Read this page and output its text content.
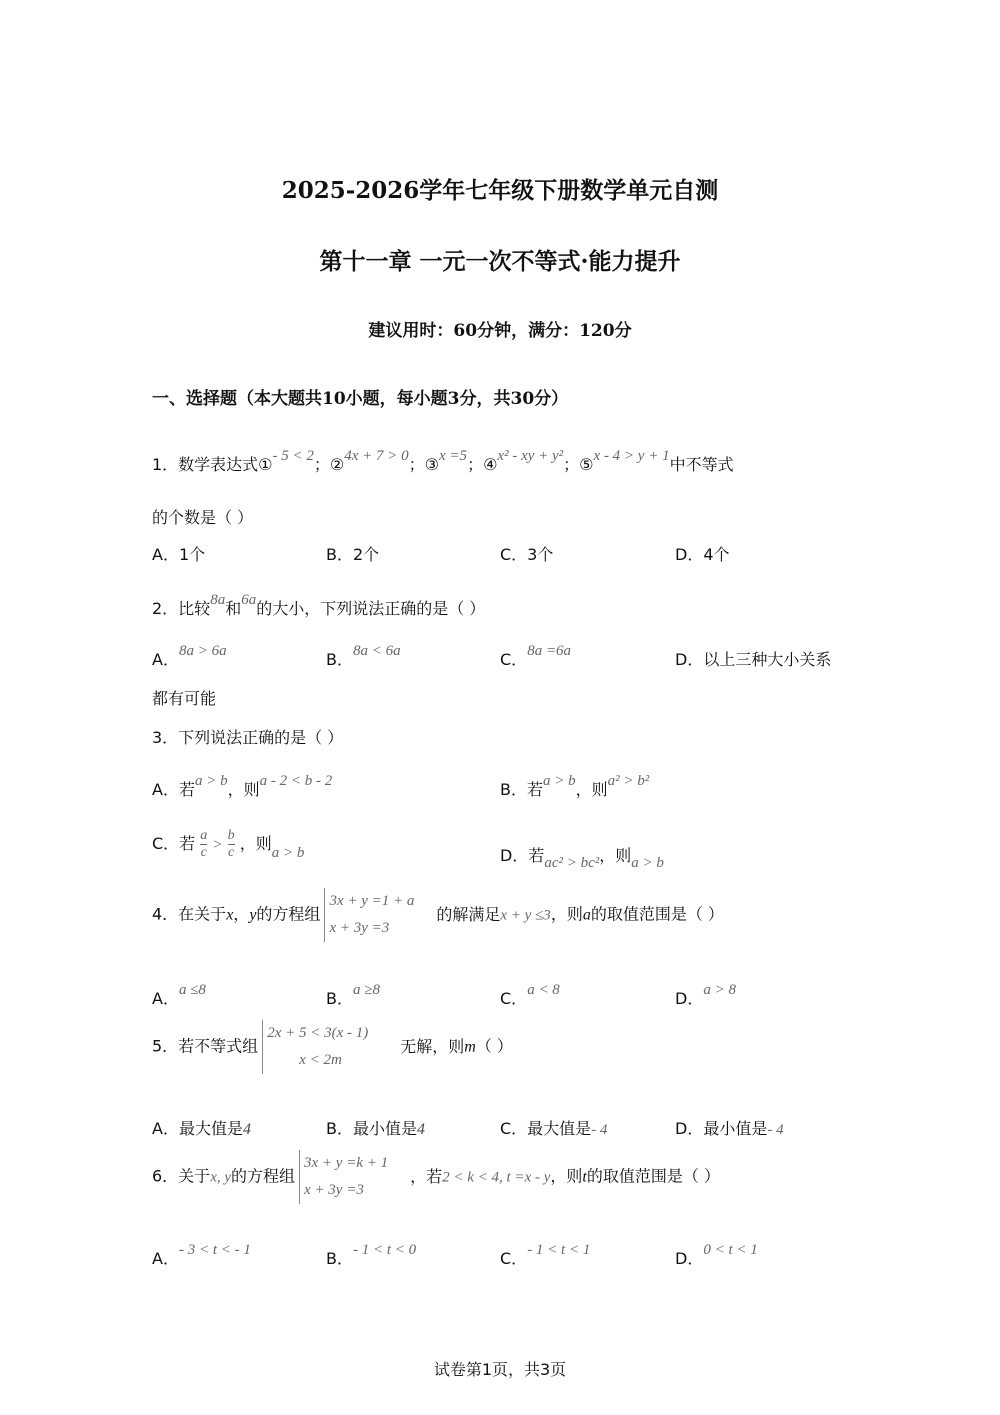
2025-2026学年七年级下册数学单元自测
第十一章 一元一次不等式·能力提升
建议用时：60分钟，满分：120分
一、选择题（本大题共10小题，每小题3分，共30分）
1．数学表达式①- 5 < 2；②4x + 7 > 0；③x =5；④x² - xy + y²；⑤x - 4 > y + 1中不等式
的个数是（ ）
A．1个	B．2个	C．3个	D．4个
2．比较8a和6a的大小，下列说法正确的是（ ）
A．8a > 6a	B．8a < 6a	C．8a =6a	D．以上三种大小关系
都有可能
3．下列说法正确的是（ ）
A．若a > b，则a - 2 < b - 2	B．若a > b，则a² > b²
C．若 $\frac{a}{c} > \frac{b}{c}$ ，则a > b	D．若ac² > bc²，则a > b
4．在关于x，y的方程组
3x + y =1 + a
x + 3y =3
的解满足x + y ≤3，则a的取值范围是（ ）
A．a ≤8	B．a ≥8	C．a < 8	D．a > 8
5．若不等式组
2x + 5 < 3(x - 1)
x < 2m
无解，则m（ ）
A．最大值是4	B．最小值是4	C．最大值是- 4	D．最小值是- 4
6．关于x, y的方程组
3x + y =k + 1
x + 3y =3
，若2 < k < 4, t =x - y，则t的取值范围是（ ）
A．- 3 < t < - 1	B．- 1 < t < 0	C．- 1 < t < 1	D．0 < t < 1
试卷第1页，共3页
